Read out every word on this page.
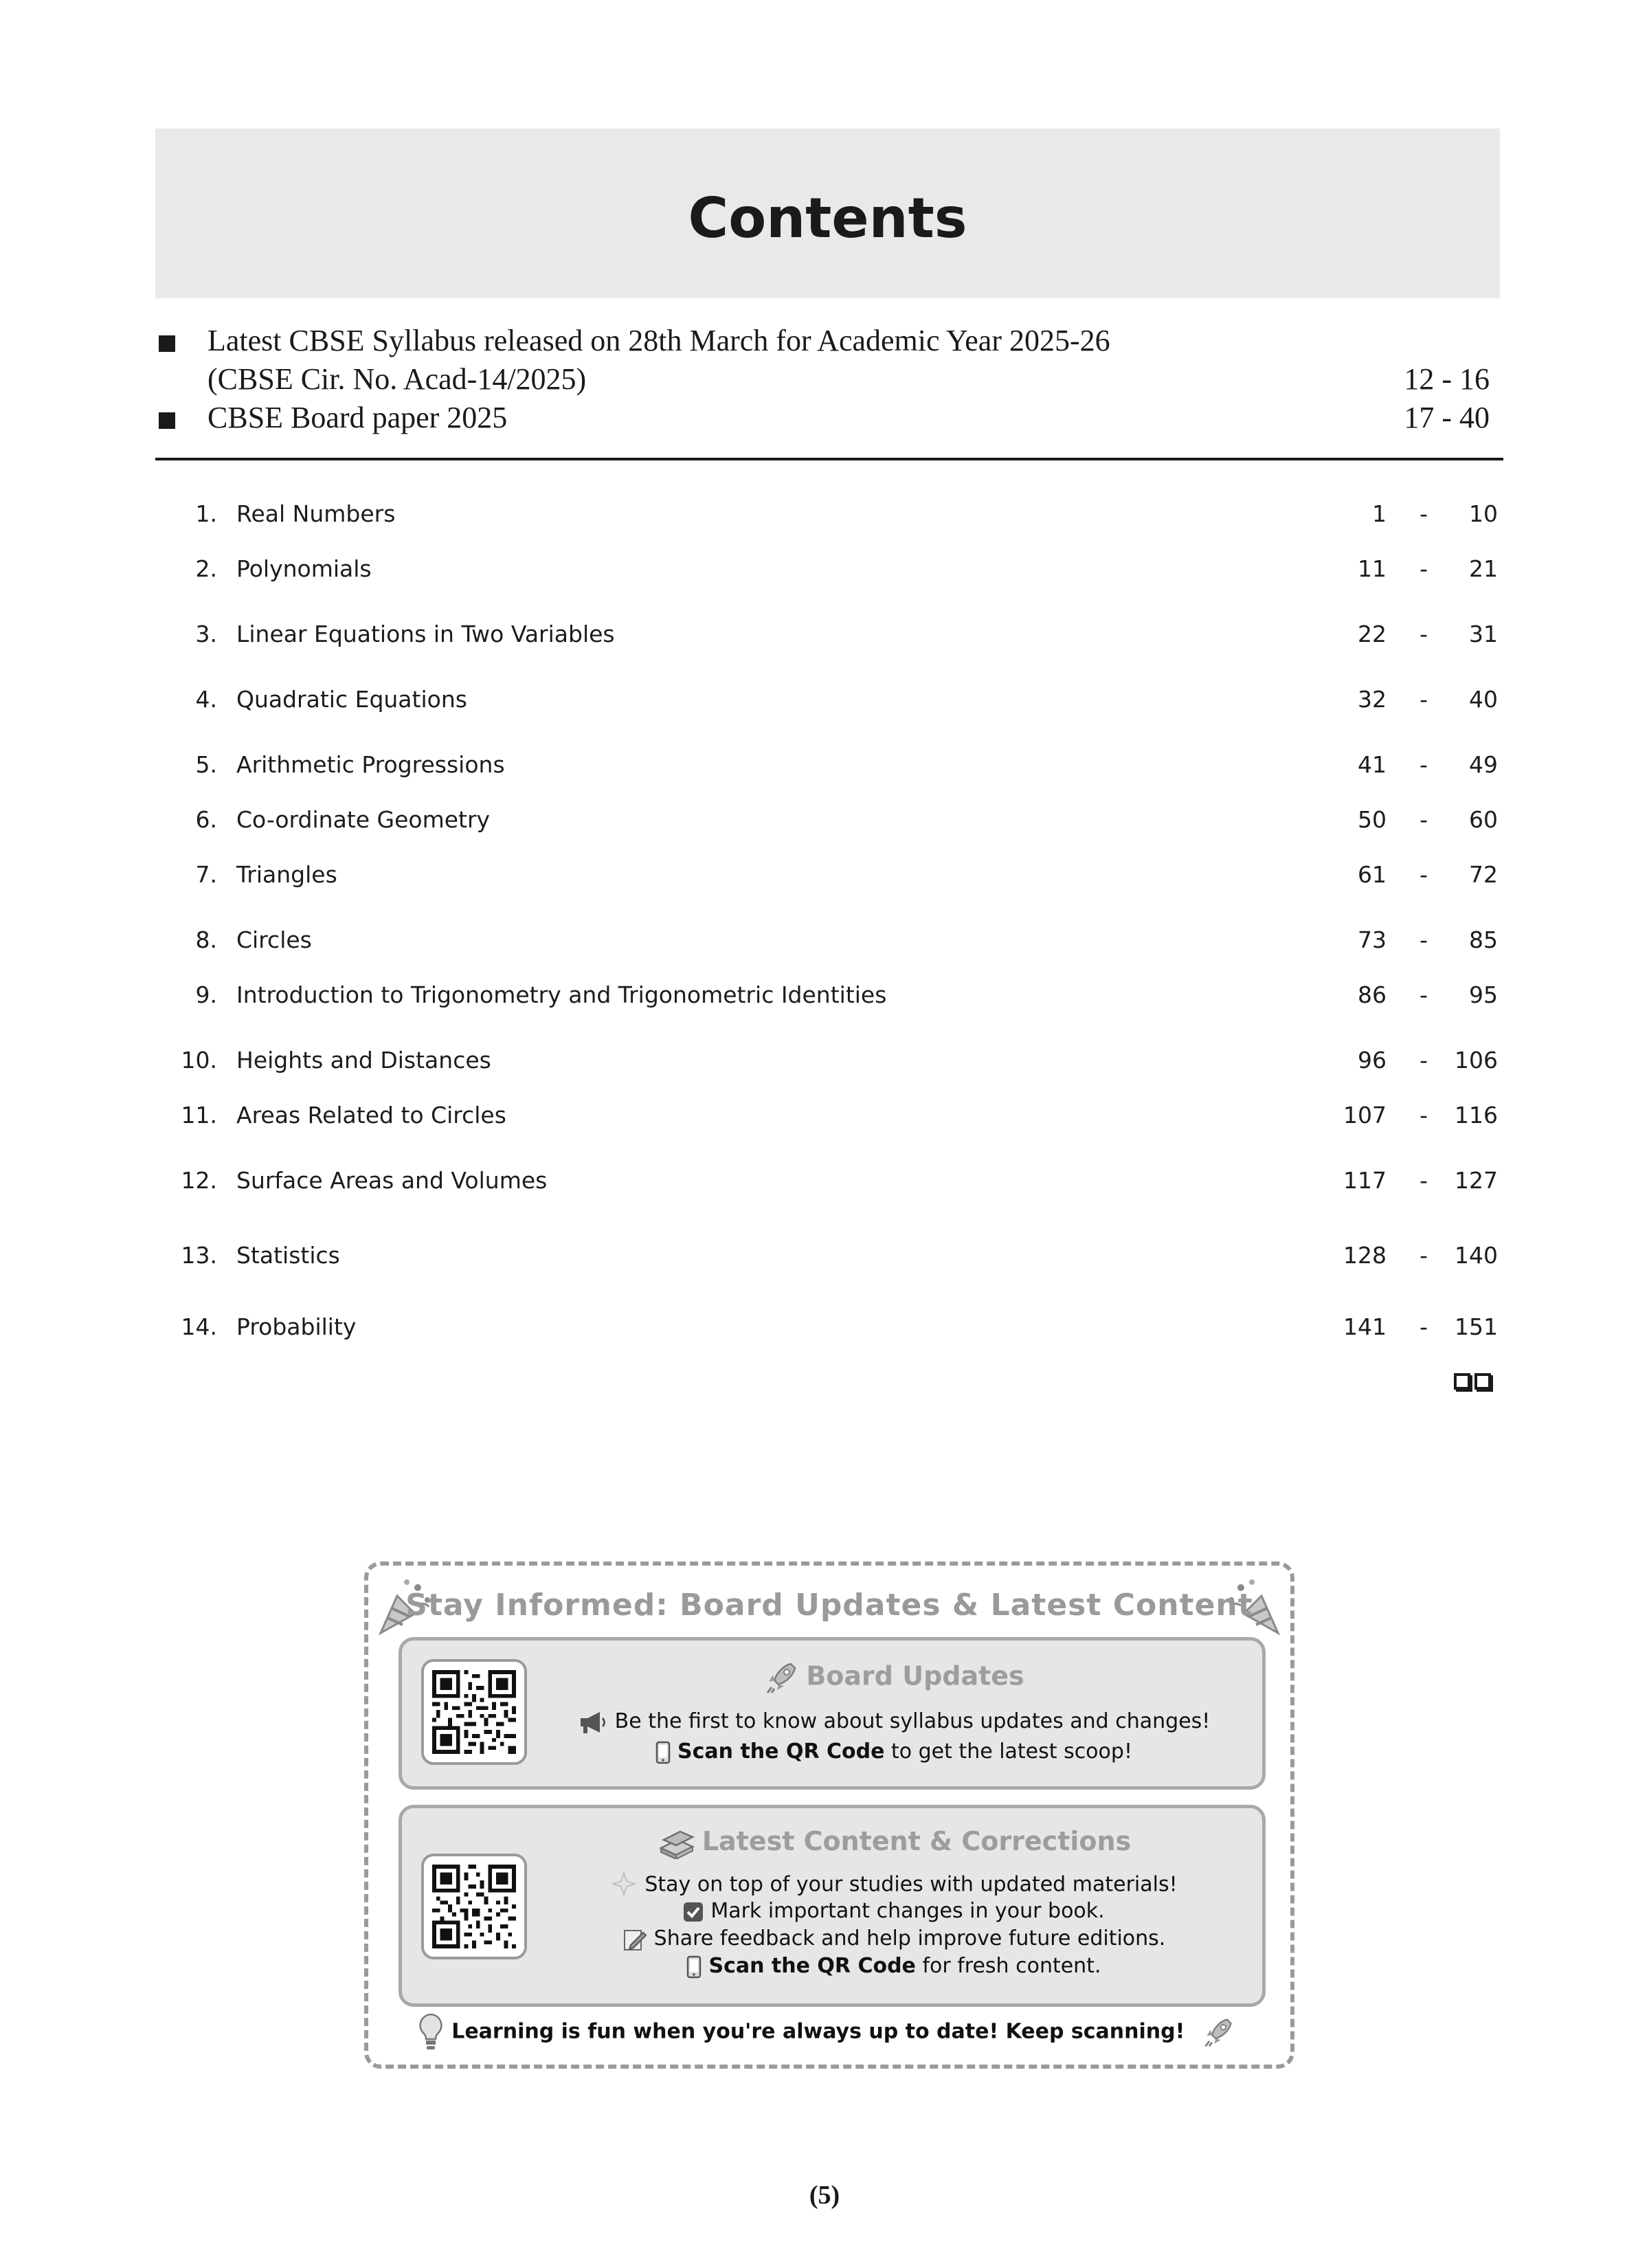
Contents
Latest CBSE Syllabus released on 28th March for Academic Year 2025-26
(CBSE Cir. No. Acad-14/2025)	12 - 16
CBSE Board paper 2025	17 - 40
1. Real Numbers	1 - 10
2. Polynomials	11 - 21
3. Linear Equations in Two Variables	22 - 31
4. Quadratic Equations	32 - 40
5. Arithmetic Progressions	41 - 49
6. Co-ordinate Geometry	50 - 60
7. Triangles	61 - 72
8. Circles	73 - 85
9. Introduction to Trigonometry and Trigonometric Identities	86 - 95
10. Heights and Distances	96 - 106
11. Areas Related to Circles	107 - 116
12. Surface Areas and Volumes	117 - 127
13. Statistics	128 - 140
14. Probability	141 - 151
Stay Informed: Board Updates & Latest Content
Board Updates
Be the first to know about syllabus updates and changes!
Scan the QR Code to get the latest scoop!
Latest Content & Corrections
Stay on top of your studies with updated materials!
Mark important changes in your book.
Share feedback and help improve future editions.
Scan the QR Code for fresh content.
Learning is fun when you're always up to date! Keep scanning!
(5)
